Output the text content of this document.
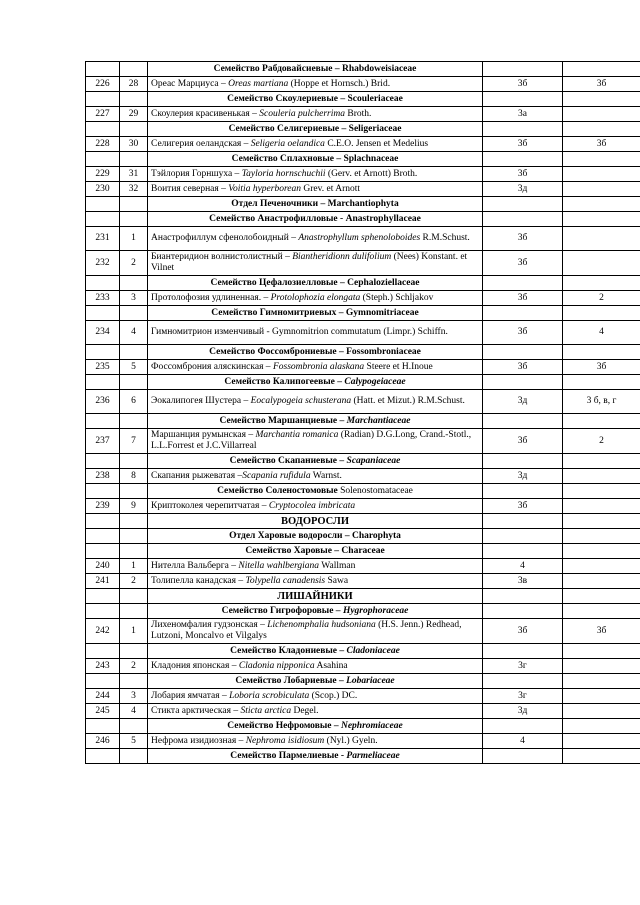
		Семейство Рабдовайсиевые – Rhabdoweisiaceae		
226	28	Ореас Марциуса – Oreas martiana (Hoppe et Hornsch.) Brid.	3б	3б
		Семейство Скоулериевые – Scouleriaceae		
227	29	Скоулерия красивенькая – Scouleria pulcherrima Broth.	3а	
		Семейство Селигериевые – Seligeriaceae		
228	30	Селигерия оеландская – Seligeria oelandica C.E.O. Jensen et Medelius	3б	3б
		Семейство Сплахновые – Splachnaceae		
229	31	Тэйлория Горншуха – Tayloria hornschuchii (Gerv. et Arnott) Broth.	3б	
230	32	Воития северная – Voitia hyperborean Grev. et Arnott	3д	
		Отдел Печеночники – Marchantiophyta		
		Семейство Анастрофилловые - Anastrophyllaceae		
231	1	Анастрофиллум сфенолобоидный – Anastrophyllum sphenoloboides R.M.Schust.	3б	
232	2	Биантеридион волнистолистный – Biantheridionn dulifolium (Nees) Konstant. et Vilnet	3б	
		Семейство Цефалозиелловые – Cephaloziellaceae		
233	3	Протолофозия удлиненная. – Protolophozia elongata (Steph.) Schljakov	3б	2
		Семейство Гимномитриевых – Gymnomitriaceae		
234	4	Гимномитрион изменчивый - Gymnomitrion commutatum (Limpr.) Schiffn.	3б	4
		Семейство Фоссомброниевые – Fossombroniaceae		
235	5	Фоссомброния аляскинская – Fossombronia alaskana Steere et H.Inoue	3б	3б
		Семейство Калипогеевые – Calypogeiaceae		
236	6	Эокалипогея Шустера – Eocalypogeia schusterana (Hatt. et Mizut.) R.M.Schust.	3д	3 б, в, г
		Семейство Маршанциевые – Marchantiaceae		
237	7	Маршанция румынская – Marchantia romanica (Radian) D.G.Long, Crand.-Stotl., L.L.Forrest et J.C.Villarreal	3б	2
		Семейство Скапаниевые – Scapaniaceae		
238	8	Скапания рыжеватая –Scapania rufidula Warnst.	3д	
		Семейство Соленостомовые Solenostomataceae		
239	9	Криптоколея черепитчатая – Cryptocolea imbricata	3б	
		ВОДОРОСЛИ		
		Отдел Харовые водоросли – Charophyta		
		Семейство Харовые – Characeae		
240	1	Нителла Вальберга – Nitella wahlbergiana Wallman	4	
241	2	Толипелла канадская – Tolypella canadensis Sawa	3в	
		ЛИШАЙНИКИ		
		Семейство Гигрофоровые – Hygrophoraceae		
242	1	Лихеномфалия гудзонская – Lichenomphalia hudsoniana (H.S. Jenn.) Redhead, Lutzoni, Moncalvo et Vilgalys	3б	3б
		Семейство Кладониевые – Cladoniaceae		
243	2	Кладония японская – Cladonia nipponica Asahina	3г	
		Семейство Лобариевые – Lobariaceae		
244	3	Лобария ямчатая – Loboria scrobiculata (Scop.) DC.	3г	
245	4	Стикта арктическая – Sticta arctica Degel.	3д	
		Семейство Нефромовые – Nephromiaceae		
246	5	Нефрома изидиозная – Nephroma isidiosum (Nyl.) Gyeln.	4	
		Семейство Пармелиевые - Parmeliaceae		
